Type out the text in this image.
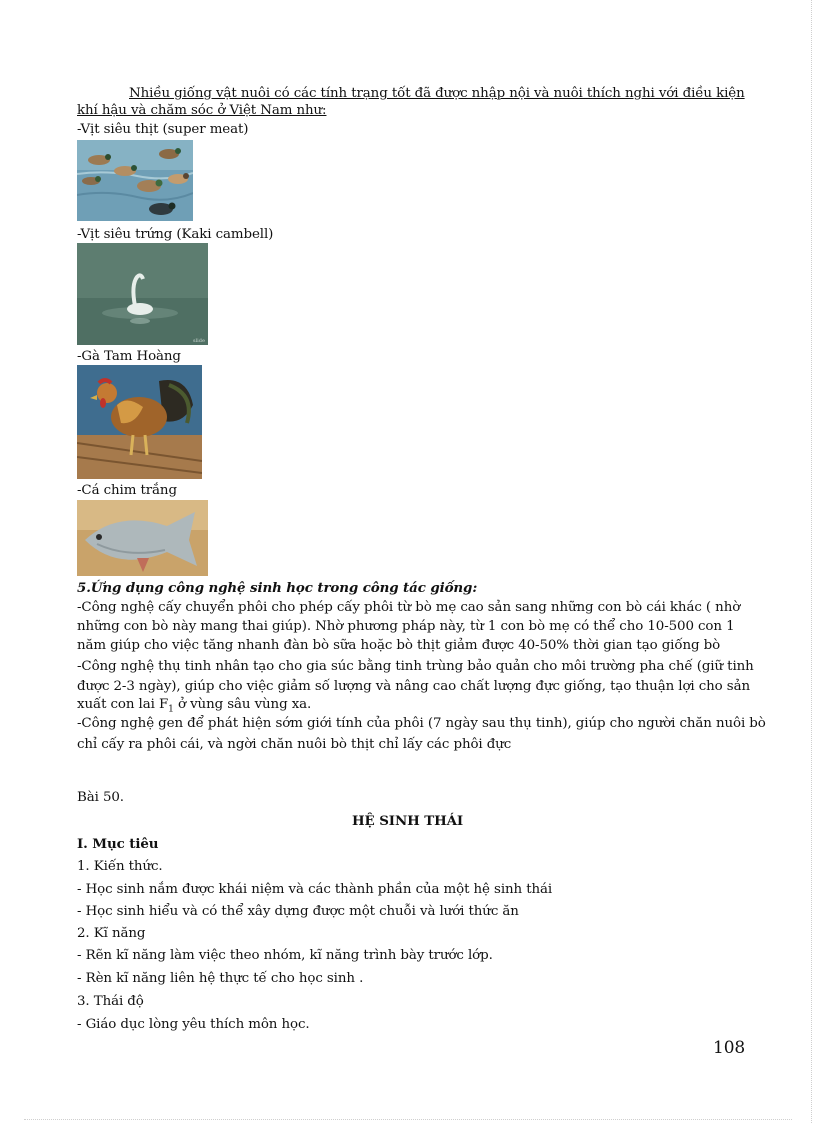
Nhiều giống vật nuôi có các tính trạng tốt đã được nhập nội và nuôi thích nghi với điều kiện
khí hậu và chăm sóc ở Việt Nam như:
-Vịt siêu thịt (super meat)
-Vịt siêu trứng (Kaki cambell)
slide
-Gà Tam Hoàng
-Cá chim trắng
5.Ứng dụng công nghệ sinh học trong công tác giống:
-Công nghệ cấy chuyển phôi cho phép cấy phôi từ bò mẹ cao sản sang những con bò cái khác ( nhờ
những con bò này mang thai giúp). Nhờ phương pháp này, từ 1 con bò mẹ có thể cho 10-500 con 1
năm giúp cho việc tăng nhanh đàn bò sữa hoặc bò thịt giảm được 40-50% thời gian tạo giống bò
-Công nghệ thụ tinh nhân tạo cho gia súc bằng tinh trùng bảo quản cho môi trường pha chế (giữ tinh
được 2-3 ngày), giúp cho việc giảm số lượng và nâng cao chất lượng đực giống, tạo thuận lợi cho sản
xuất con lai $F_1$ ở vùng sâu vùng xa.
-Công nghệ gen để phát hiện sớm giới tính của phôi (7 ngày sau thụ tinh), giúp cho người chăn nuôi bò
chỉ cấy ra phôi cái, và ngời chăn nuôi bò thịt chỉ lấy các phôi đực
Bài 50.
HỆ SINH THÁI
I. Mục tiêu
1. Kiến thức.
- Học sinh nắm được khái niệm và các thành phần của một hệ sinh thái
- Học sinh hiểu và có thể xây dựng được một chuỗi và lưới thức ăn
2. Kĩ năng
- Rẽn kĩ năng làm việc theo nhóm, kĩ năng trình bày trước lớp.
- Rèn kĩ năng liên hệ thực tế cho học sinh .
3. Thái độ
- Giáo dục lòng yêu thích môn học.
108
